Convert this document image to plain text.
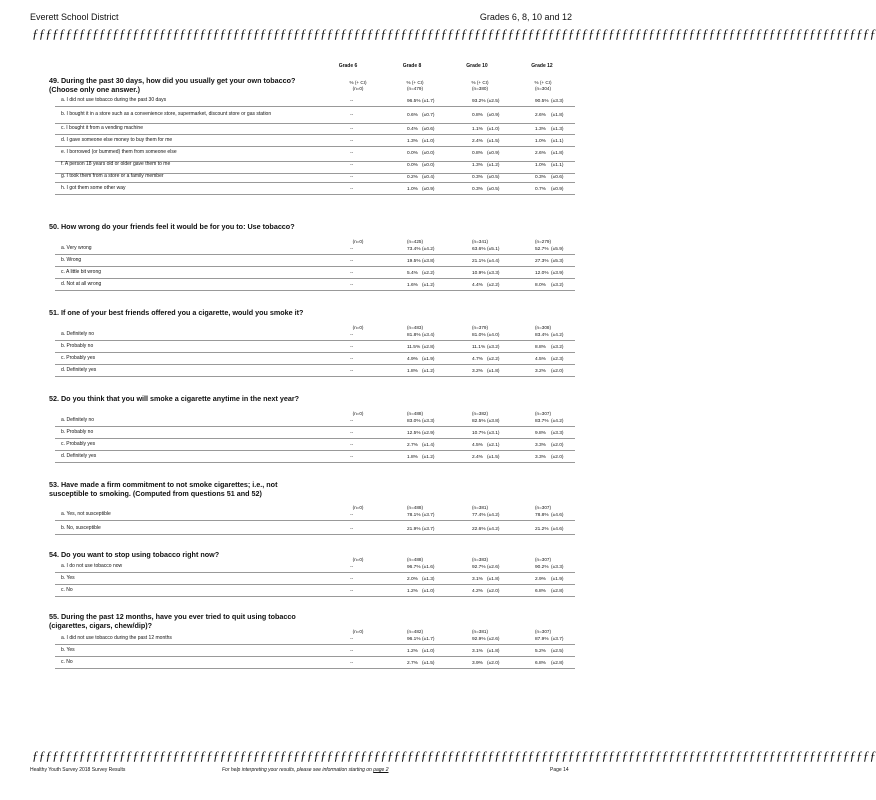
Everett School District	Grades 6, 8, 10 and 12
ƒƒƒƒƒƒƒƒƒƒƒƒƒƒƒƒƒƒƒƒƒƒƒƒƒƒƒƒƒƒƒƒƒƒƒƒƒƒƒƒƒƒƒƒƒƒƒƒƒƒƒƒƒƒƒƒƒƒƒƒƒƒƒƒƒƒƒƒƒƒƒƒƒƒƒƒƒƒƒƒƒƒƒƒƒƒƒƒƒƒƒƒƒƒƒƒƒƒƒƒƒƒƒƒƒƒƒƒƒƒƒƒƒƒƒƒƒƒƒƒƒƒƒƒƒƒ
Grade 6	Grade 8	Grade 10	Grade 12
49. During the past 30 days, how did you usually get your own tobacco? (Choose only one answer.)
% (+ CI)	% (+ CI)	% (+ CI)	% (+ CI)
(n=0)	(n=479)	(n=380)	(n=304)
a. I did not use tobacco during the past 30 days	--	96.5% (±1.7)	93.2% (±2.5)	90.5% (±3.3)
b. I bought it in a store such as a convenience store, supermarket, discount store or gas station	--	0.6% (±0.7)	0.8% (±0.9)	2.6% (±1.8)
c. I bought it from a vending machine	--	0.4% (±0.6)	1.1% (±1.0)	1.3% (±1.3)
d. I gave someone else money to buy them for me	--	1.3% (±1.0)	2.4% (±1.5)	1.0% (±1.1)
e. I borrowed (or bummed) them from someone else	--	0.0% (±0.0)	0.8% (±0.9)	2.6% (±1.8)
f. A person 18 years old or older gave them to me	--	0.0% (±0.0)	1.3% (±1.2)	1.0% (±1.1)
g. I took them from a store or a family member	--	0.2% (±0.4)	0.3% (±0.5)	0.3% (±0.6)
h. I got them some other way	--	1.0% (±0.9)	0.3% (±0.5)	0.7% (±0.9)
50. How wrong do your friends feel it would be for you to: Use tobacco?
(n=0)	(n=425)	(n=341)	(n=279)
a. Very wrong	--	73.4% (±4.2)	63.6% (±5.1)	52.7% (±5.9)
b. Wrong	--	19.5% (±3.8)	21.1% (±4.4)	27.3% (±5.3)
c. A little bit wrong	--	5.4% (±2.2)	10.9% (±3.3)	12.0% (±3.9)
d. Not at all wrong	--	1.6% (±1.2)	4.4% (±2.2)	8.0% (±3.2)
51. If one of your best friends offered you a cigarette, would you smoke it?
(n=0)	(n=483)	(n=379)	(n=308)
a. Definitely no	--	81.8% (±3.4)	81.0% (±4.0)	83.4% (±4.2)
b. Probably no	--	11.5% (±2.8)	11.1% (±3.2)	8.8% (±3.2)
c. Probably yes	--	4.9% (±1.9)	4.7% (±2.2)	4.5% (±2.3)
d. Definitely yes	--	1.8% (±1.2)	3.2% (±1.8)	3.2% (±2.0)
52. Do you think that you will smoke a cigarette anytime in the next year?
(n=0)	(n=488)	(n=382)	(n=307)
a. Definitely no	--	83.0% (±3.3)	82.5% (±3.8)	83.7% (±4.2)
b. Probably no	--	12.5% (±2.9)	10.7% (±3.1)	9.8% (±3.3)
c. Probably yes	--	2.7% (±1.4)	4.5% (±2.1)	3.3% (±2.0)
d. Definitely yes	--	1.8% (±1.2)	2.4% (±1.5)	3.3% (±2.0)
53. Have made a firm commitment to not smoke cigarettes; i.e., not susceptible to smoking. (Computed from questions 51 and 52)
(n=0)	(n=488)	(n=381)	(n=307)
a. Yes, not susceptible	--	78.1% (±3.7)	77.4% (±4.2)	78.8% (±4.6)
b. No, susceptible	--	21.9% (±3.7)	22.6% (±4.2)	21.2% (±4.6)
54. Do you want to stop using tobacco right now?
(n=0)	(n=488)	(n=383)	(n=307)
a. I do not use tobacco now	--	96.7% (±1.6)	92.7% (±2.6)	90.2% (±3.3)
b. Yes	--	2.0% (±1.3)	3.1% (±1.8)	2.9% (±1.9)
c. No	--	1.2% (±1.0)	4.2% (±2.0)	6.8% (±2.8)
55. During the past 12 months, have you ever tried to quit using tobacco (cigarettes, cigars, chew/dip)?
(n=0)	(n=482)	(n=381)	(n=307)
a. I did not use tobacco during the past 12 months	--	96.1% (±1.7)	92.9% (±2.6)	87.9% (±3.7)
b. Yes	--	1.2% (±1.0)	3.1% (±1.8)	5.2% (±2.5)
c. No	--	2.7% (±1.5)	3.9% (±2.0)	6.8% (±2.8)
ƒƒƒƒƒƒƒƒƒƒƒƒƒƒƒƒƒƒƒƒƒƒƒƒƒƒƒƒƒƒƒƒƒƒƒƒƒƒƒƒƒƒƒƒƒƒƒƒƒƒƒƒƒƒƒƒƒƒƒƒƒƒƒƒƒƒƒƒƒƒƒƒƒƒƒƒƒƒƒƒƒƒƒƒƒƒƒƒƒƒƒƒƒƒƒƒƒƒƒƒƒƒƒƒƒƒƒƒƒƒƒƒƒƒƒƒƒƒƒƒƒƒƒƒƒƒ
Healthy Youth Survey 2018 Survey Results	For help interpreting your results, please see information starting on page 2	Page 14
